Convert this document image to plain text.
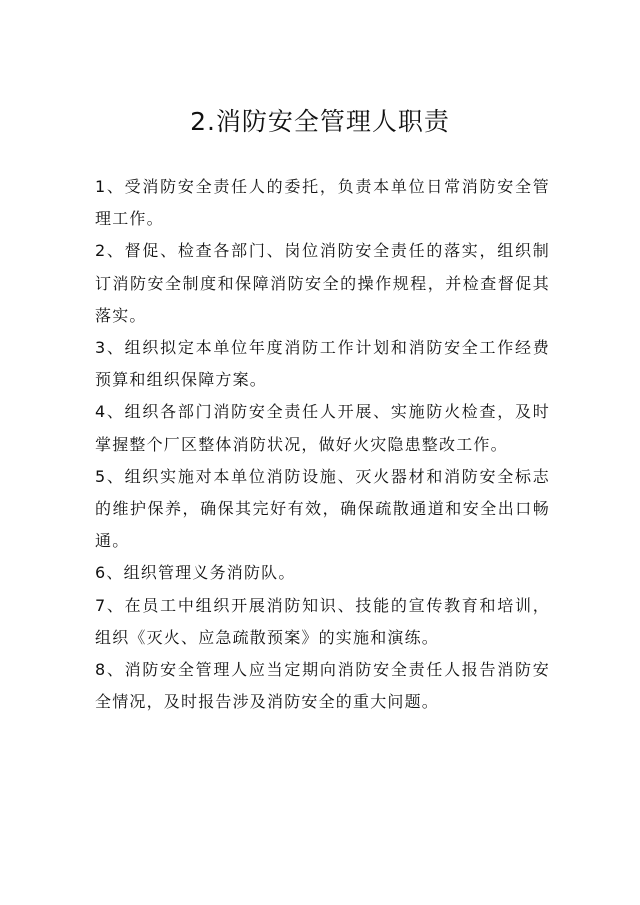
2.消防安全管理人职责
1、受消防安全责任人的委托，负责本单位日常消防安全管理工作。
2、督促、检查各部门、岗位消防安全责任的落实，组织制订消防安全制度和保障消防安全的操作规程，并检查督促其落实。
3、组织拟定本单位年度消防工作计划和消防安全工作经费预算和组织保障方案。
4、组织各部门消防安全责任人开展、实施防火检查，及时掌握整个厂区整体消防状况，做好火灾隐患整改工作。
5、组织实施对本单位消防设施、灭火器材和消防安全标志的维护保养，确保其完好有效，确保疏散通道和安全出口畅通。
6、组织管理义务消防队。
7、在员工中组织开展消防知识、技能的宣传教育和培训，组织《灭火、应急疏散预案》的实施和演练。
8、消防安全管理人应当定期向消防安全责任人报告消防安全情况，及时报告涉及消防安全的重大问题。
